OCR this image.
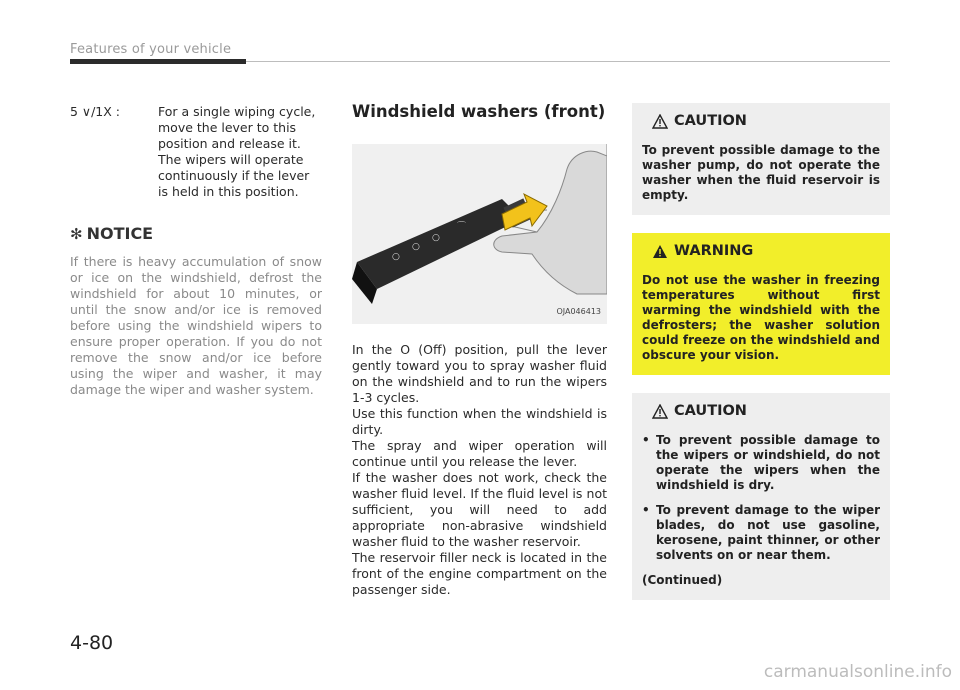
Features of your vehicle
5 ∨/1X :	For a single wiping cycle, move the lever to this position and release it. The wipers will operate continuously if the lever is held in this position.
✻ NOTICE
If there is heavy accumulation of snow or ice on the windshield, defrost the windshield for about 10 minutes, or until the snow and/or ice is removed before using the windshield wipers to ensure proper operation. If you do not remove the snow and/or ice before using the wiper and washer, it may damage the wiper and washer system.
Windshield washers (front)
○
○
○
⌒
OJA046413

In the O (Off) position, pull the lever gently toward you to spray washer fluid on the windshield and to run the wipers 1-3 cycles.

Use this function when the windshield is dirty.

The spray and wiper operation will continue until you release the lever.

If the washer does not work, check the washer fluid level. If the fluid level is not sufficient, you will need to add appropriate non-abrasive windshield washer fluid to the washer reservoir.

The reservoir filler neck is located in the front of the engine compartment on the passenger side.

CAUTION
To prevent possible damage to the washer pump, do not operate the washer when the fluid reservoir is empty.
WARNING
Do not use the washer in freezing temperatures without first warming the windshield with the defrosters; the washer solution could freeze on the windshield and obscure your vision.
CAUTION
• To prevent possible damage to the wipers or windshield, do not operate the wipers when the windshield is dry.
• To prevent damage to the wiper blades, do not use gasoline, kerosene, paint thinner, or other solvents on or near them.
(Continued)
4-80
carmanualsonline.info
